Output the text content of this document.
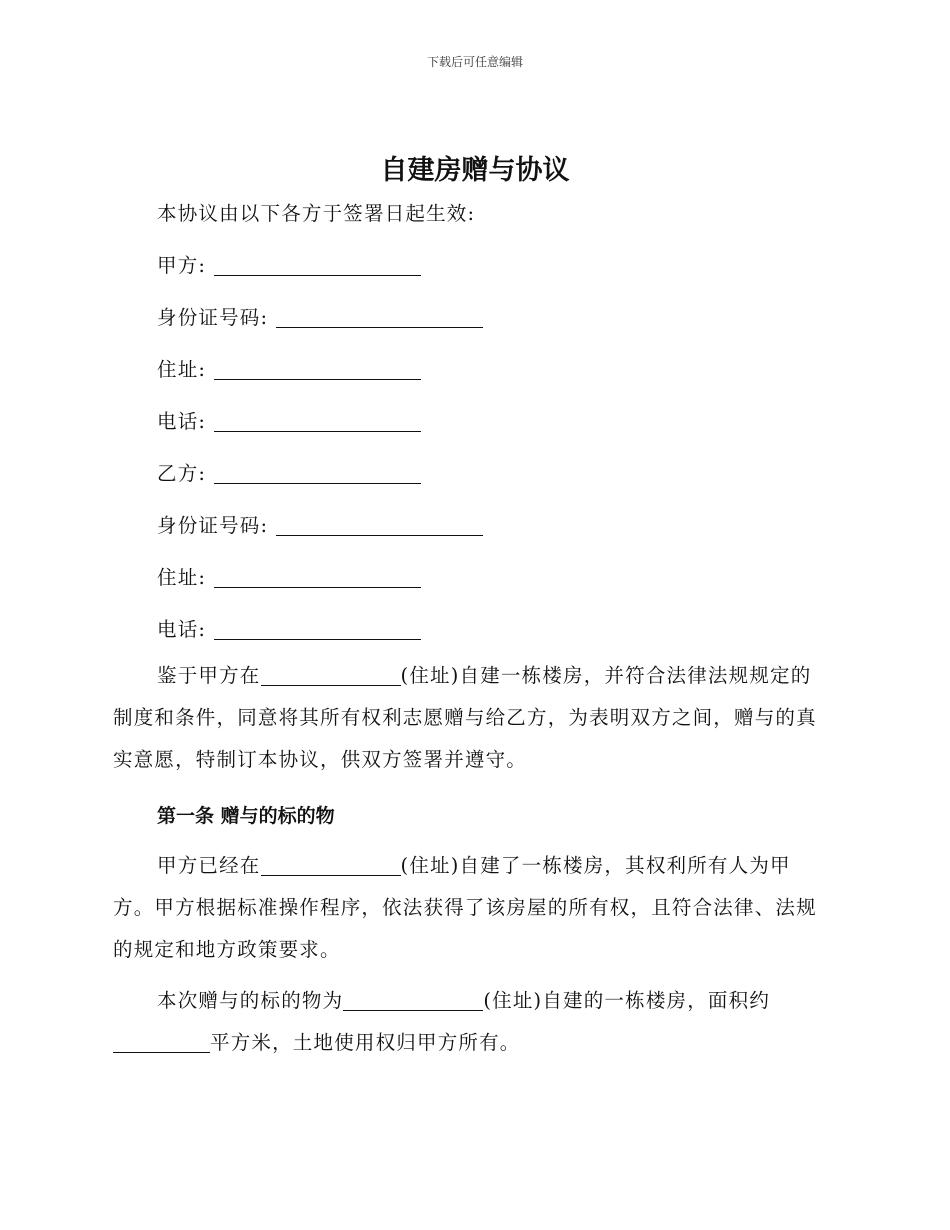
下载后可任意编辑
自建房赠与协议
本协议由以下各方于签署日起生效:
甲方:
身份证号码:
住址:
电话:
乙方:
身份证号码:
住址:
电话:
鉴于甲方在	(住址)自建一栋楼房，并符合法律法规规定的制度和条件，同意将其所有权利志愿赠与给乙方，为表明双方之间，赠与的真实意愿，特制订本协议，供双方签署并遵守。
第一条 赠与的标的物
甲方已经在	(住址)自建了一栋楼房，其权利所有人为甲方。甲方根据标准操作程序，依法获得了该房屋的所有权，且符合法律、法规的规定和地方政策要求。
本次赠与的标的物为	(住址)自建的一栋楼房，面积约平方米，土地使用权归甲方所有。
